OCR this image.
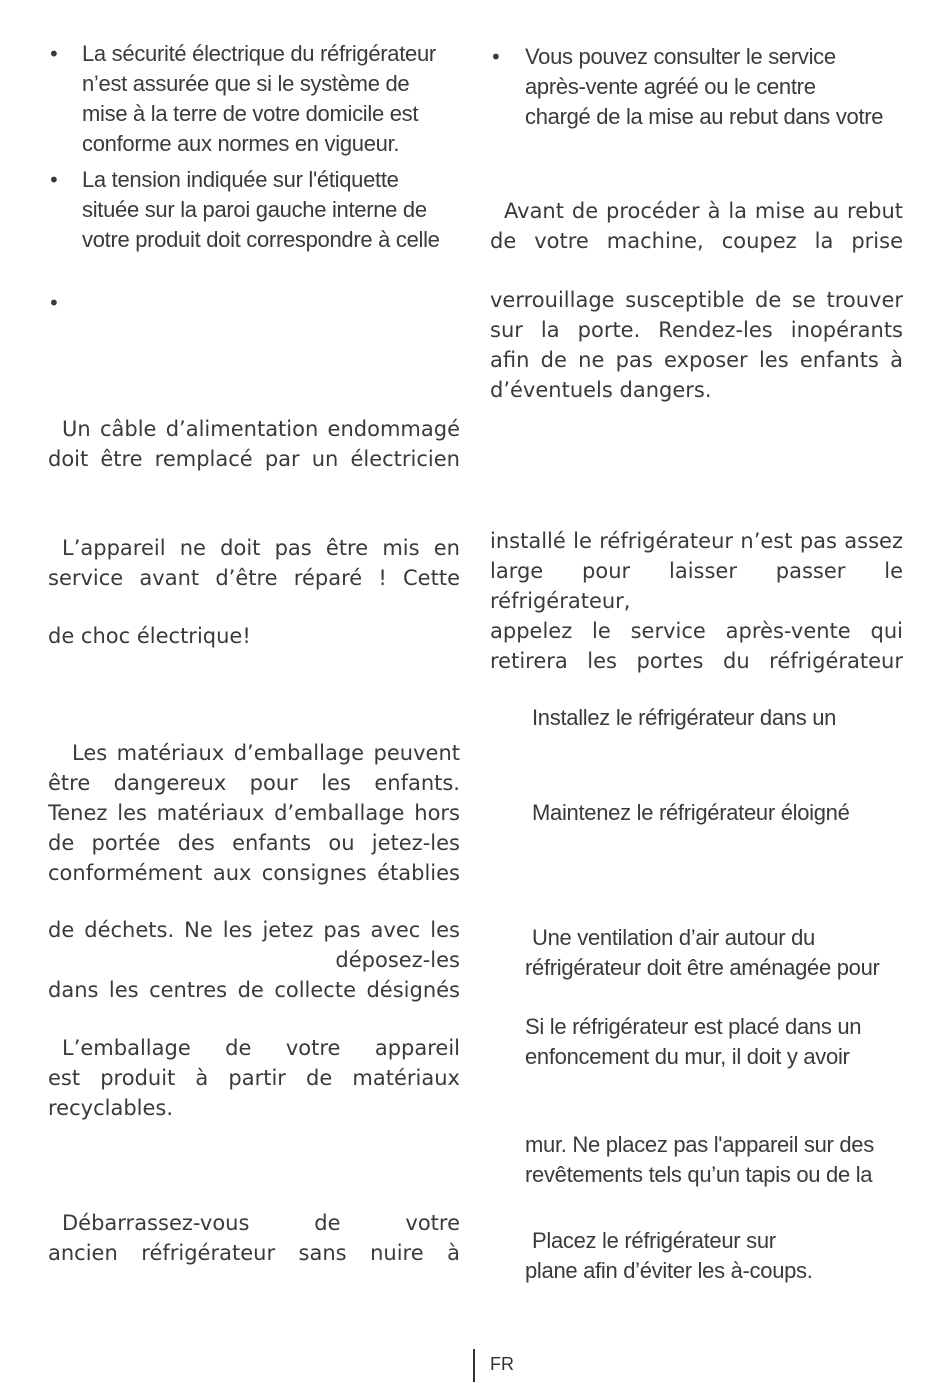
• La sécurité électrique du réfrigérateur
n’est assurée que si le système de
mise à la terre de votre domicile est
conforme aux normes en vigueur.
• La tension indiquée sur l'étiquette
située sur la paroi gauche interne de
votre produit doit correspondre à celle
•
Un câble d’alimentation endommagé
doit être remplacé par un électricien
L’appareil ne doit pas être mis en
service avant d’être réparé ! Cette
de choc électrique!
Les matériaux d’emballage peuvent
être dangereux pour les enfants.
Tenez les matériaux d’emballage hors
de portée des enfants ou jetez-les
conformément aux consignes établies
de déchets. Ne les jetez pas avec les
déposez-les
dans les centres de collecte désignés
L’emballage de votre appareil
est produit à partir de matériaux
recyclables.
Débarrassez-vous de votre
ancien réfrigérateur sans nuire à
• Vous pouvez consulter le service
après-vente agréé ou le centre
chargé de la mise au rebut dans votre
Avant de procéder à la mise au rebut
de votre machine, coupez la prise
verrouillage susceptible de se trouver
sur la porte. Rendez-les inopérants
afin de ne pas exposer les enfants à
d’éventuels dangers.
installé le réfrigérateur n’est pas assez
large pour laisser passer le réfrigérateur,
appelez le service après-vente qui
retirera les portes du réfrigérateur
Installez le réfrigérateur dans un
Maintenez le réfrigérateur éloigné
Une ventilation d’air autour du
réfrigérateur doit être aménagée pour
Si le réfrigérateur est placé dans un
enfoncement du mur, il doit y avoir
mur. Ne placez pas l'appareil sur des
revêtements tels qu’un tapis ou de la
Placez le réfrigérateur sur
plane afin d’éviter les à-coups.
FR
